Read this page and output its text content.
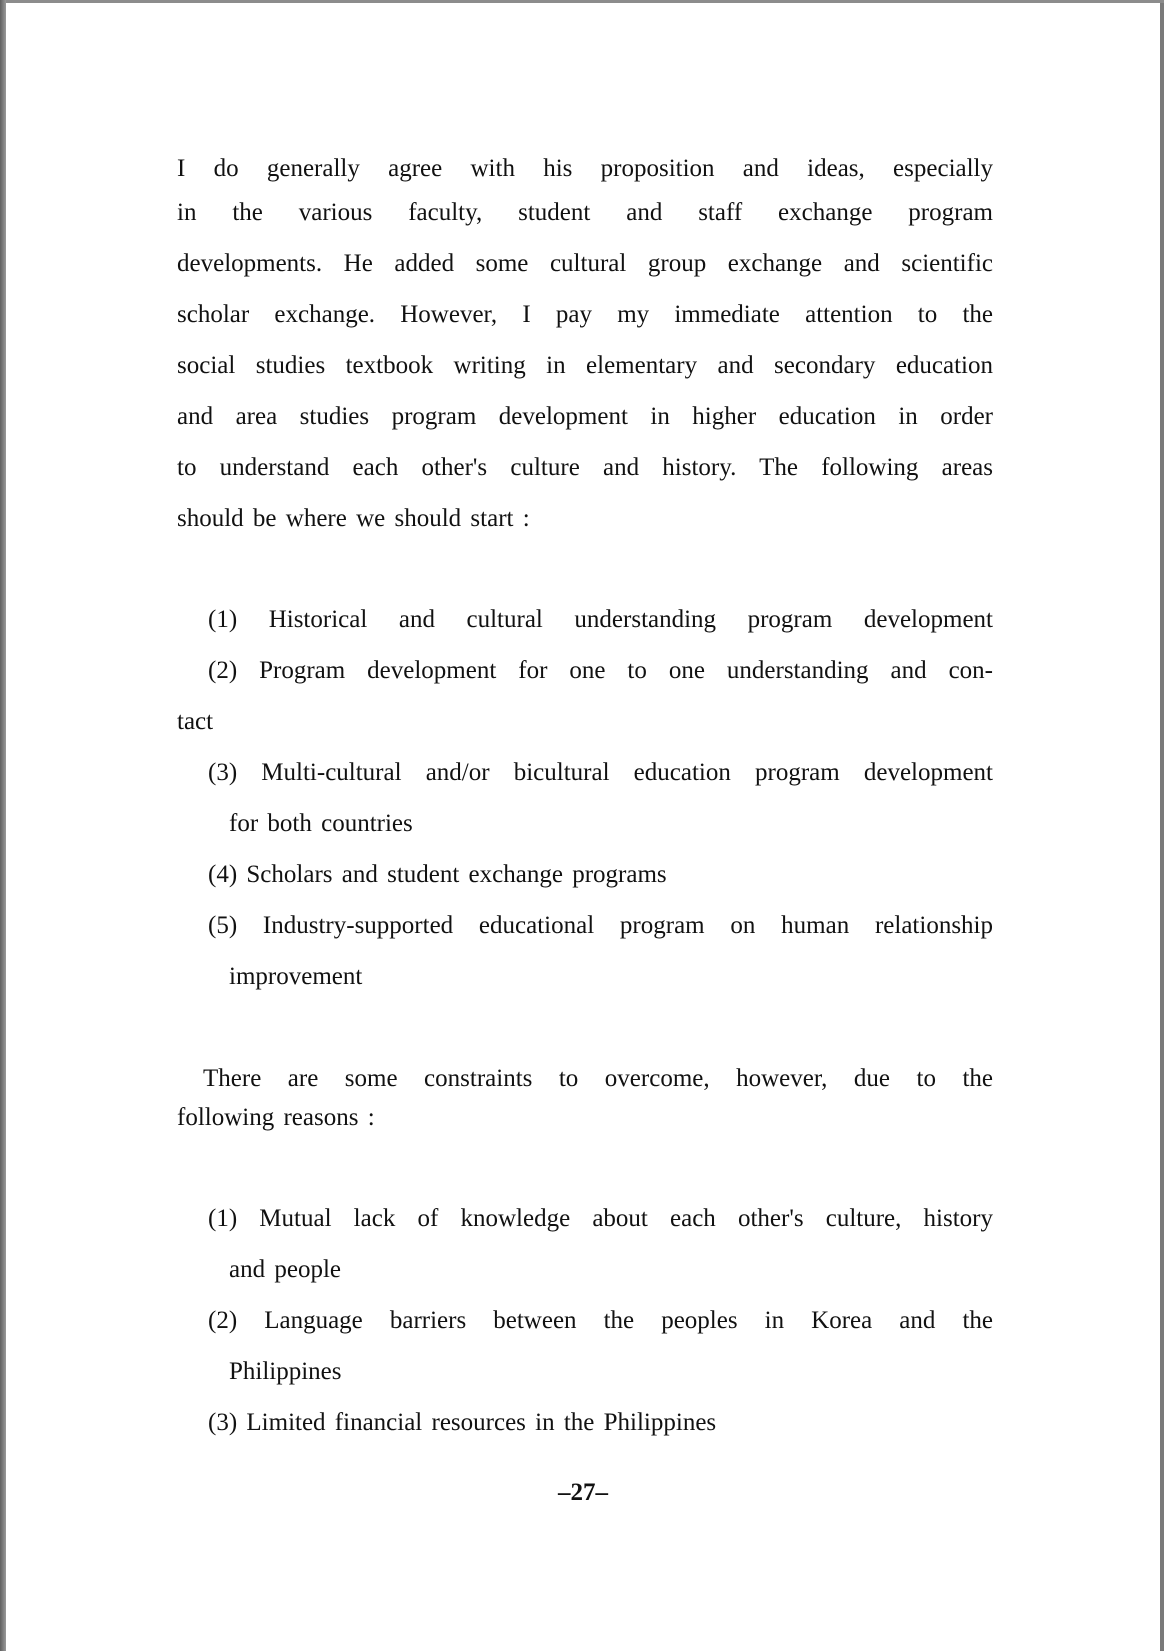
I do generally agree with his proposition and ideas, especially
in the various faculty, student and staff exchange program
developments. He added some cultural group exchange and scientific
scholar exchange. However, I pay my immediate attention to the
social studies textbook writing in elementary and secondary education
and area studies program development in higher education in order
to understand each other's culture and history. The following areas
should be where we should start :

(1) Historical and cultural understanding program development
(2) Program development for one to one understanding and con-
tact
(3) Multi-cultural and/or bicultural education program development
for both countries
(4) Scholars and student exchange programs
(5) Industry-supported educational program on human relationship
improvement

There are some constraints to overcome, however, due to the
following reasons :

(1) Mutual lack of knowledge about each other's culture, history
and people
(2) Language barriers between the peoples in Korea and the
Philippines
(3) Limited financial resources in the Philippines
–27–
